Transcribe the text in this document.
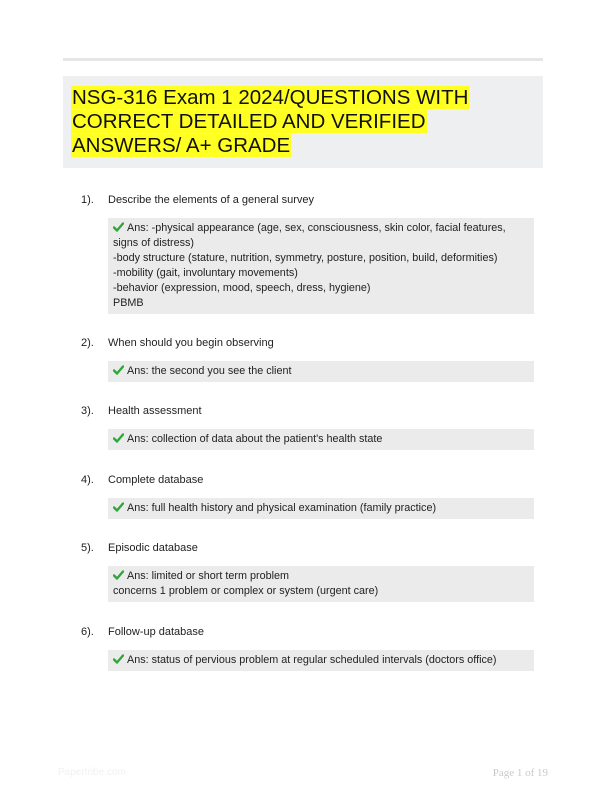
NSG-316 Exam 1 2024/QUESTIONS WITH CORRECT DETAILED AND VERIFIED ANSWERS/ A+ GRADE
1). Describe the elements of a general survey
Ans: -physical appearance (age, sex, consciousness, skin color, facial features, signs of distress)
-body structure (stature, nutrition, symmetry, posture, position, build, deformities)
-mobility (gait, involuntary movements)
-behavior (expression, mood, speech, dress, hygiene)
PBMB
2). When should you begin observing
Ans: the second you see the client
3). Health assessment
Ans: collection of data about the patient's health state
4). Complete database
Ans: full health history and physical examination (family practice)
5). Episodic database
Ans: limited or short term problem
concerns 1 problem or complex or system (urgent care)
6). Follow-up database
Ans: status of pervious problem at regular scheduled intervals (doctors office)
Papertribe.com	Page 1 of 19
